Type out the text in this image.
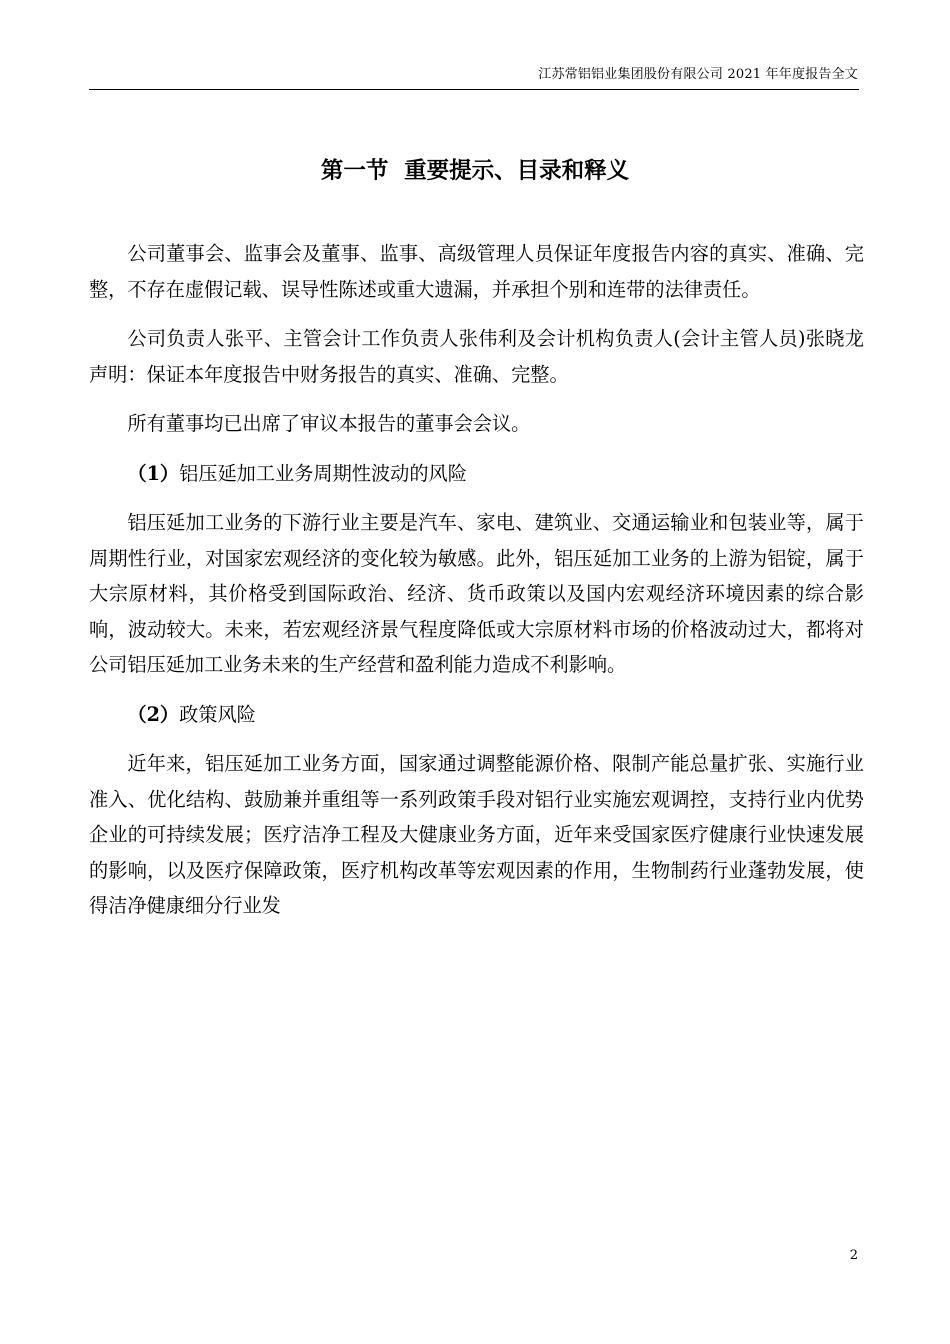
江苏常铝铝业集团股份有限公司 2021 年年度报告全文
第一节  重要提示、目录和释义

公司董事会、监事会及董事、监事、高级管理人员保证年度报告内容的真实、准确、完整，不存在虚假记载、误导性陈述或重大遗漏，并承担个别和连带的法律责任。

公司负责人张平、主管会计工作负责人张伟利及会计机构负责人(会计主管人员)张晓龙声明：保证本年度报告中财务报告的真实、准确、完整。

所有董事均已出席了审议本报告的董事会会议。

（1）铝压延加工业务周期性波动的风险

铝压延加工业务的下游行业主要是汽车、家电、建筑业、交通运输业和包装业等，属于周期性行业，对国家宏观经济的变化较为敏感。此外，铝压延加工业务的上游为铝锭，属于大宗原材料，其价格受到国际政治、经济、货币政策以及国内宏观经济环境因素的综合影响，波动较大。未来，若宏观经济景气程度降低或大宗原材料市场的价格波动过大，都将对公司铝压延加工业务未来的生产经营和盈利能力造成不利影响。

（2）政策风险

近年来，铝压延加工业务方面，国家通过调整能源价格、限制产能总量扩张、实施行业准入、优化结构、鼓励兼并重组等一系列政策手段对铝行业实施宏观调控，支持行业内优势企业的可持续发展；医疗洁净工程及大健康业务方面，近年来受国家医疗健康行业快速发展的影响，以及医疗保障政策，医疗机构改革等宏观因素的作用，生物制药行业蓬勃发展，使得洁净健康细分行业发

2
